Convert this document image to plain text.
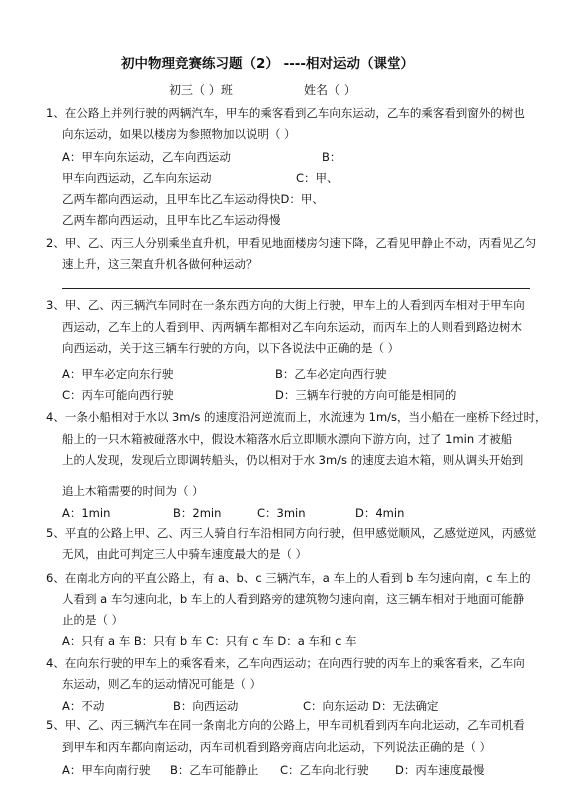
初中物理竞赛练习题（2） ----相对运动（课堂）
初三（ ）班	姓名（ ）
1、在公路上并列行驶的两辆汽车，甲车的乘客看到乙车向东运动，乙车的乘客看到窗外的树也
向东运动，如果以楼房为参照物加以说明（ ）
A：甲车向东运动，乙车向西运动	B：
甲车向西运动，乙车向东运动	C：甲、
乙两车都向西运动，且甲车比乙车运动得快D：甲、
乙两车都向西运动，且甲车比乙车运动得慢
2、甲、乙、丙三人分别乘坐直升机，甲看见地面楼房匀速下降，乙看见甲静止不动，丙看见乙匀
速上升，这三架直升机各做何种运动？
3、甲、乙、丙三辆汽车同时在一条东西方向的大街上行驶，甲车上的人看到丙车相对于甲车向
西运动，乙车上的人看到甲、丙两辆车都相对乙车向东运动，而丙车上的人则看到路边树木
向西运动，关于这三辆车行驶的方向，以下各说法中正确的是（ ）
A：甲车必定向东行驶	B：乙车必定向西行驶
C：丙车可能向西行驶	D：三辆车行驶的方向可能是相同的
4、一条小船相对于水以 3m/s 的速度沿河逆流而上，水流速为 1m/s，当小船在一座桥下经过时，
船上的一只木箱被碰落水中，假设木箱落水后立即顺水漂向下游方向，过了 1min 才被船
上的人发现，发现后立即调转船头，仍以相对于水 3m/s 的速度去追木箱，则从调头开始到
追上木箱需要的时间为（ ）
A：1min	B：2min	C：3min	D：4min
5、平直的公路上甲、乙、丙三人骑自行车沿相同方向行驶，但甲感觉顺风，乙感觉逆风，丙感觉
无风，由此可判定三人中骑车速度最大的是（ ）
6、在南北方向的平直公路上，有 a、b、c 三辆汽车，a 车上的人看到 b 车匀速向南，c 车上的
人看到 a 车匀速向北，b 车上的人看到路旁的建筑物匀速向南，这三辆车相对于地面可能静
止的是（ ）
A：只有 a 车 B：只有 b 车 C：只有 c 车 D：a 车和 c 车
4、在向东行驶的甲车上的乘客看来，乙车向西运动；在向西行驶的丙车上的乘客看来，乙车向
东运动，则乙车的运动情况可能是（ ）
A：不动	B：向西运动	C：向东运动 D：无法确定
5、甲、乙、丙三辆汽车在同一条南北方向的公路上，甲车司机看到丙车向北运动，乙车司机看
到甲车和丙车都向南运动，丙车司机看到路旁商店向北运动，下列说法正确的是（ ）
A：甲车向南行驶 B：乙车可能静止 C：乙车向北行驶 D：丙车速度最慢
